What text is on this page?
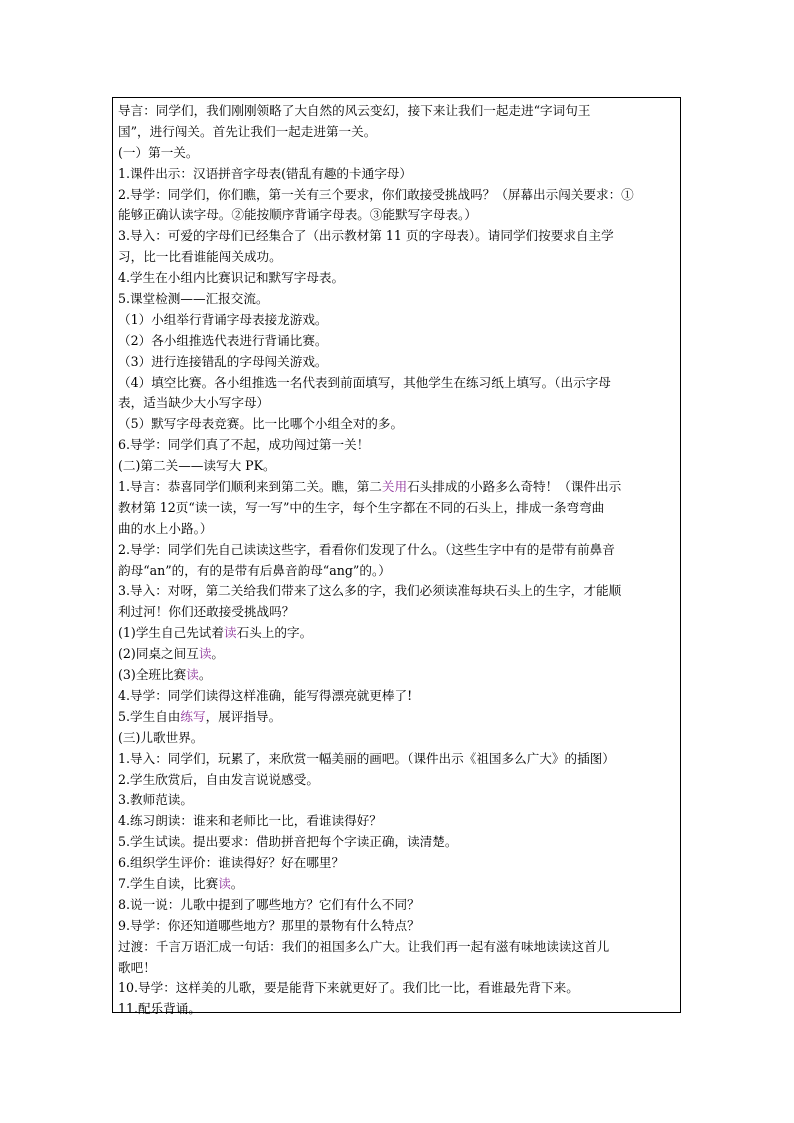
导言：同学们，我们刚刚领略了大自然的风云变幻，接下来让我们一起走进“字词句王
国”，进行闯关。首先让我们一起走进第一关。
(一）第一关。
1.课件出示：汉语拼音字母表(错乱有趣的卡通字母）
2.导学：同学们，你们瞧，第一关有三个要求，你们敢接受挑战吗？（屏幕出示闯关要求：①
能够正确认读字母。②能按顺序背诵字母表。③能默写字母表。）
3.导入：可爱的字母们已经集合了（出示教材第 11 页的字母表）。请同学们按要求自主学
习，比一比看谁能闯关成功。
4.学生在小组内比赛识记和默写字母表。
5.课堂检测——汇报交流。
（1）小组举行背诵字母表接龙游戏。
（2）各小组推选代表进行背诵比赛。
（3）进行连接错乱的字母闯关游戏。
（4）填空比赛。各小组推选一名代表到前面填写，其他学生在练习纸上填写。（出示字母
表，适当缺少大小写字母）
（5）默写字母表竞赛。比一比哪个小组全对的多。
6.导学：同学们真了不起，成功闯过第一关！
(二)第二关——读写大 PK。
1.导言：恭喜同学们顺利来到第二关。瞧，第二关用石头排成的小路多么奇特！（课件出示
教材第 12页“读一读，写一写”中的生字，每个生字都在不同的石头上，排成一条弯弯曲
曲的水上小路。）
2.导学：同学们先自己读读这些字，看看你们发现了什么。（这些生字中有的是带有前鼻音
韵母“an”的，有的是带有后鼻音韵母“ang”的。）
3.导入：对呀，第二关给我们带来了这么多的字，我们必须读准每块石头上的生字，才能顺
利过河！你们还敢接受挑战吗？
(1)学生自己先试着读石头上的字。
(2)同桌之间互读。
(3)全班比赛读。
4.导学：同学们读得这样准确，能写得漂亮就更棒了!
5.学生自由练写，展评指导。
(三)儿歌世界。
1.导入：同学们，玩累了，来欣赏一幅美丽的画吧。（课件出示《祖国多么广大》的插图）
2.学生欣赏后，自由发言说说感受。
3.教师范读。
4.练习朗读：谁来和老师比一比，看谁读得好？
5.学生试读。提出要求：借助拼音把每个字读正确，读清楚。
6.组织学生评价：谁读得好？好在哪里？
7.学生自读，比赛读。
8.说一说：儿歌中提到了哪些地方？它们有什么不同？
9.导学：你还知道哪些地方？那里的景物有什么特点？
过渡：千言万语汇成一句话：我们的祖国多么广大。让我们再一起有滋有味地读读这首儿
歌吧！
10.导学：这样美的儿歌，要是能背下来就更好了。我们比一比，看谁最先背下来。
11.配乐背诵。
